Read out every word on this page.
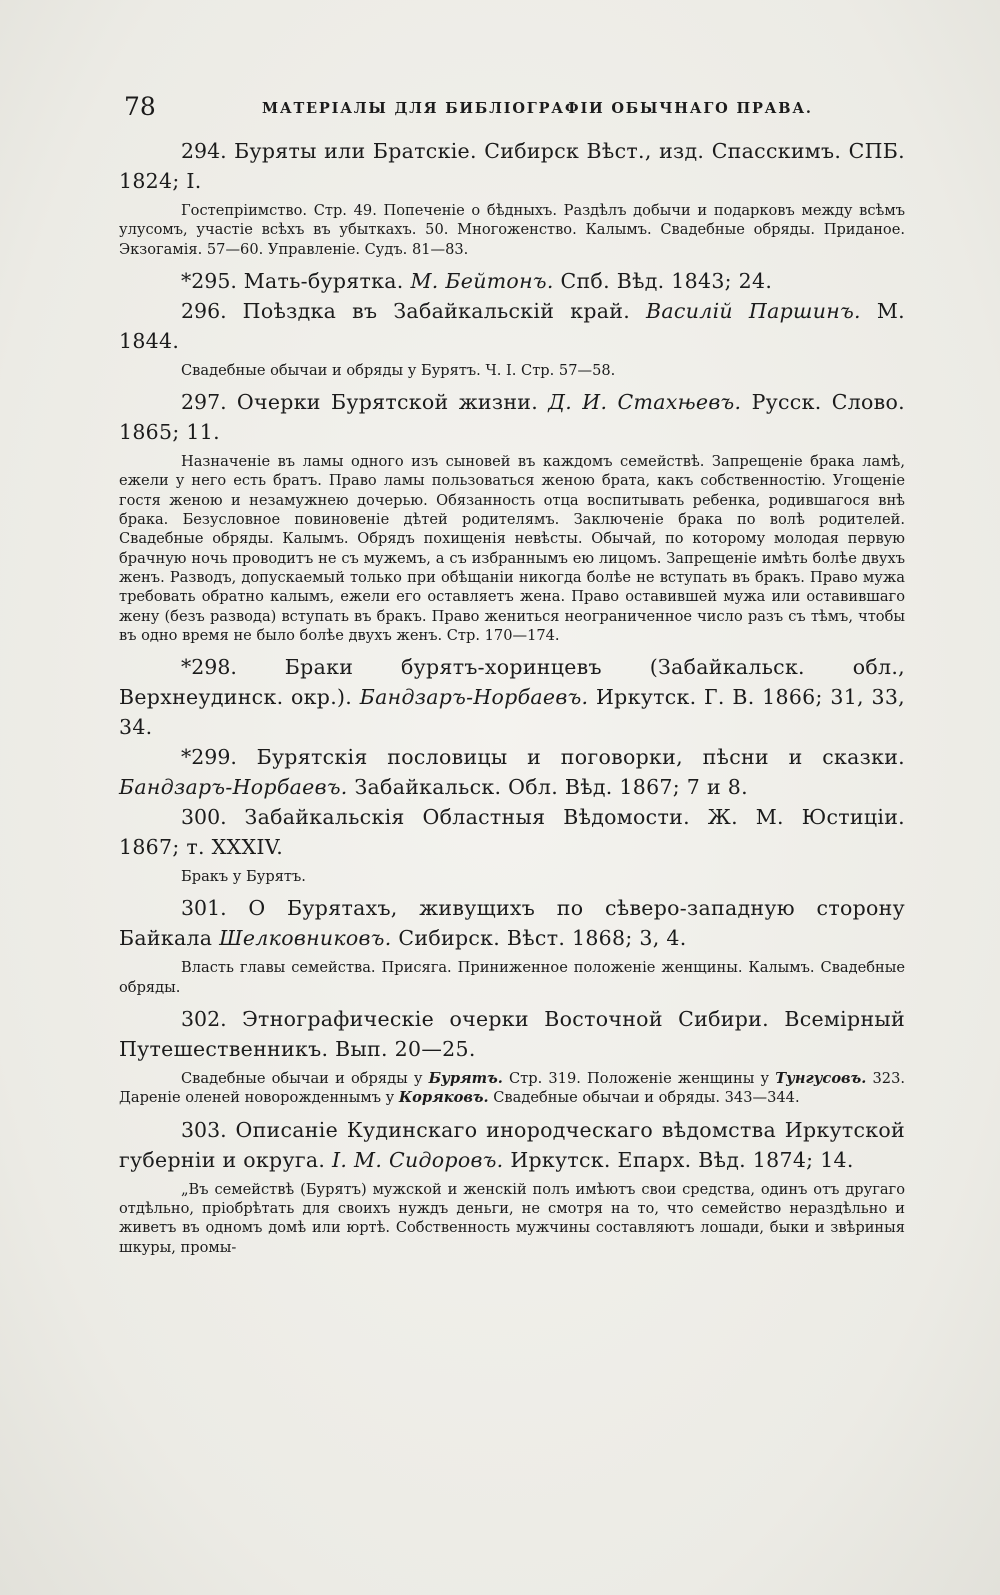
78	МАТЕРІАЛЫ ДЛЯ БИБЛІОГРАФІИ ОБЫЧНАГО ПРАВА.

294. Буряты или Братскіе. Сибирск Вѣст., изд. Спасскимъ. СПБ. 1824; I.

Гостепріимство. Стр. 49. Попеченіе о бѣдныхъ. Раздѣлъ добычи и подарковъ между всѣмъ улусомъ, участіе всѣхъ въ убыткахъ. 50. Многоженство. Калымъ. Свадебные обряды. Приданое. Экзогамія. 57—60. Управленіе. Судъ. 81—83.

*295. Мать-бурятка. М. Бейтонъ. Спб. Вѣд. 1843; 24.

296. Поѣздка въ Забайкальскій край. Василій Паршинъ. М. 1844.

Свадебные обычаи и обряды у Бурятъ. Ч. I. Стр. 57—58.

297. Очерки Бурятской жизни. Д. И. Стахњевъ. Русск. Слово. 1865; 11.

Назначеніе въ ламы одного изъ сыновей въ каждомъ семействѣ. Запрещеніе брака ламѣ, ежели у него есть братъ. Право ламы пользоваться женою брата, какъ собственностію. Угощеніе гостя женою и незамужнею дочерью. Обязанность отца воспитывать ребенка, родившагося внѣ брака. Безусловное повиновеніе дѣтей родителямъ. Заключеніе брака по волѣ родителей. Свадебные обряды. Калымъ. Обрядъ похищенія невѣсты. Обычай, по которому молодая первую брачную ночь проводитъ не съ мужемъ, а съ избраннымъ ею лицомъ. Запрещеніе имѣть болѣе двухъ женъ. Разводъ, допускаемый только при обѣщаніи никогда болѣе не вступать въ бракъ. Право мужа требовать обратно калымъ, ежели его оставляетъ жена. Право оставившей мужа или оставившаго жену (безъ развода) вступать въ бракъ. Право жениться неограниченное число разъ съ тѣмъ, чтобы въ одно время не было болѣе двухъ женъ. Стр. 170—174.

*298. Браки бурятъ-хоринцевъ (Забайкальск. обл., Верхнеудинск. окр.). Бандзаръ-Норбаевъ. Иркутск. Г. В. 1866; 31, 33, 34.

*299. Бурятскія пословицы и поговорки, пѣсни и сказки. Бандзаръ-Норбаевъ. Забайкальск. Обл. Вѣд. 1867; 7 и 8.

300. Забайкальскія Областныя Вѣдомости. Ж. М. Юстиціи. 1867; т. XXXIV.

Бракъ у Бурятъ.

301. О Бурятахъ, живущихъ по сѣверо-западную сторону Байкала Шелковниковъ. Сибирск. Вѣст. 1868; 3, 4.

Власть главы семейства. Присяга. Приниженное положеніе женщины. Калымъ. Свадебные обряды.

302. Этнографическіе очерки Восточной Сибири. Всемірный Путешественникъ. Вып. 20—25.

Свадебные обычаи и обряды у Бурятъ. Стр. 319. Положеніе женщины у Тунгусовъ. 323. Дареніе оленей новорожденнымъ у Коряковъ. Свадебные обычаи и обряды. 343—344.

303. Описаніе Кудинскаго инородческаго вѣдомства Иркутской губерніи и округа. I. М. Сидоровъ. Иркутск. Епарх. Вѣд. 1874; 14.

„Въ семействѣ (Бурятъ) мужской и женскій полъ имѣютъ свои средства, одинъ отъ другаго отдѣльно, пріобрѣтать для своихъ нуждъ деньги, не смотря на то, что семейство нераздѣльно и живетъ въ одномъ домѣ или юртѣ. Собственность мужчины составляютъ лошади, быки и звѣриныя шкуры, промы-
